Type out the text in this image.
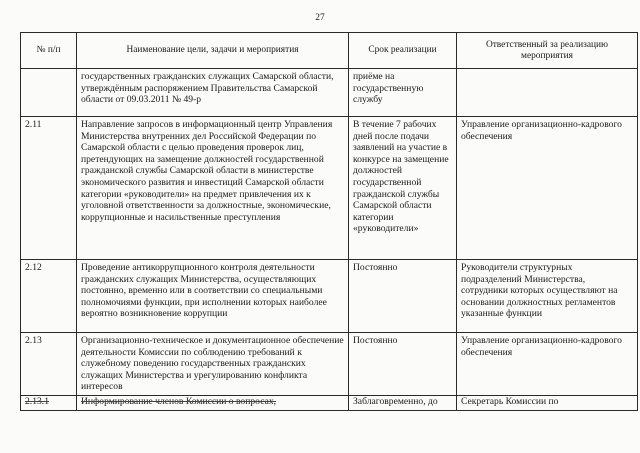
27
№ п/п	Наименование цели, задачи и мероприятия	Срок реализации	Ответственный за реализацию мероприятия
	государственных гражданских служащих Самарской области, утверждённым распоряжением Правительства Самарской области от 09.03.2011 № 49-р	приёме на государственную службу	
2.11	Направление запросов в информационный центр Управления Министерства внутренних дел Российской Федерации по Самарской области с целью проведения проверок лиц, претендующих на замещение должностей государственной гражданской службы Самарской области в министерстве экономического развития и инвестиций Самарской области категории «руководители» на предмет привлечения их к уголовной ответственности за должностные, экономические, коррупционные и насильственные преступления	В течение 7 рабочих дней после подачи заявлений на участие в конкурсе на замещение должностей государственной гражданской службы Самарской области категории «руководители»	Управление организационно-кадрового обеспечения
2.12	Проведение антикоррупционного контроля деятельности гражданских служащих Министерства, осуществляющих постоянно, временно или в соответствии со специальными полномочиями функции, при исполнении которых наиболее вероятно возникновение коррупции	Постоянно	Руководители структурных подразделений Министерства, сотрудники которых осуществляют на основании должностных регламентов указанные функции
2.13	Организационно-техническое и документационное обеспечение деятельности Комиссии по соблюдению требований к служебному поведению государственных гражданских служащих Министерства и урегулированию конфликта интересов	Постоянно	Управление организационно-кадрового обеспечения
2.13.1	Информирование членов Комиссии о вопросах,	Заблаговременно, до	Секретарь Комиссии по
